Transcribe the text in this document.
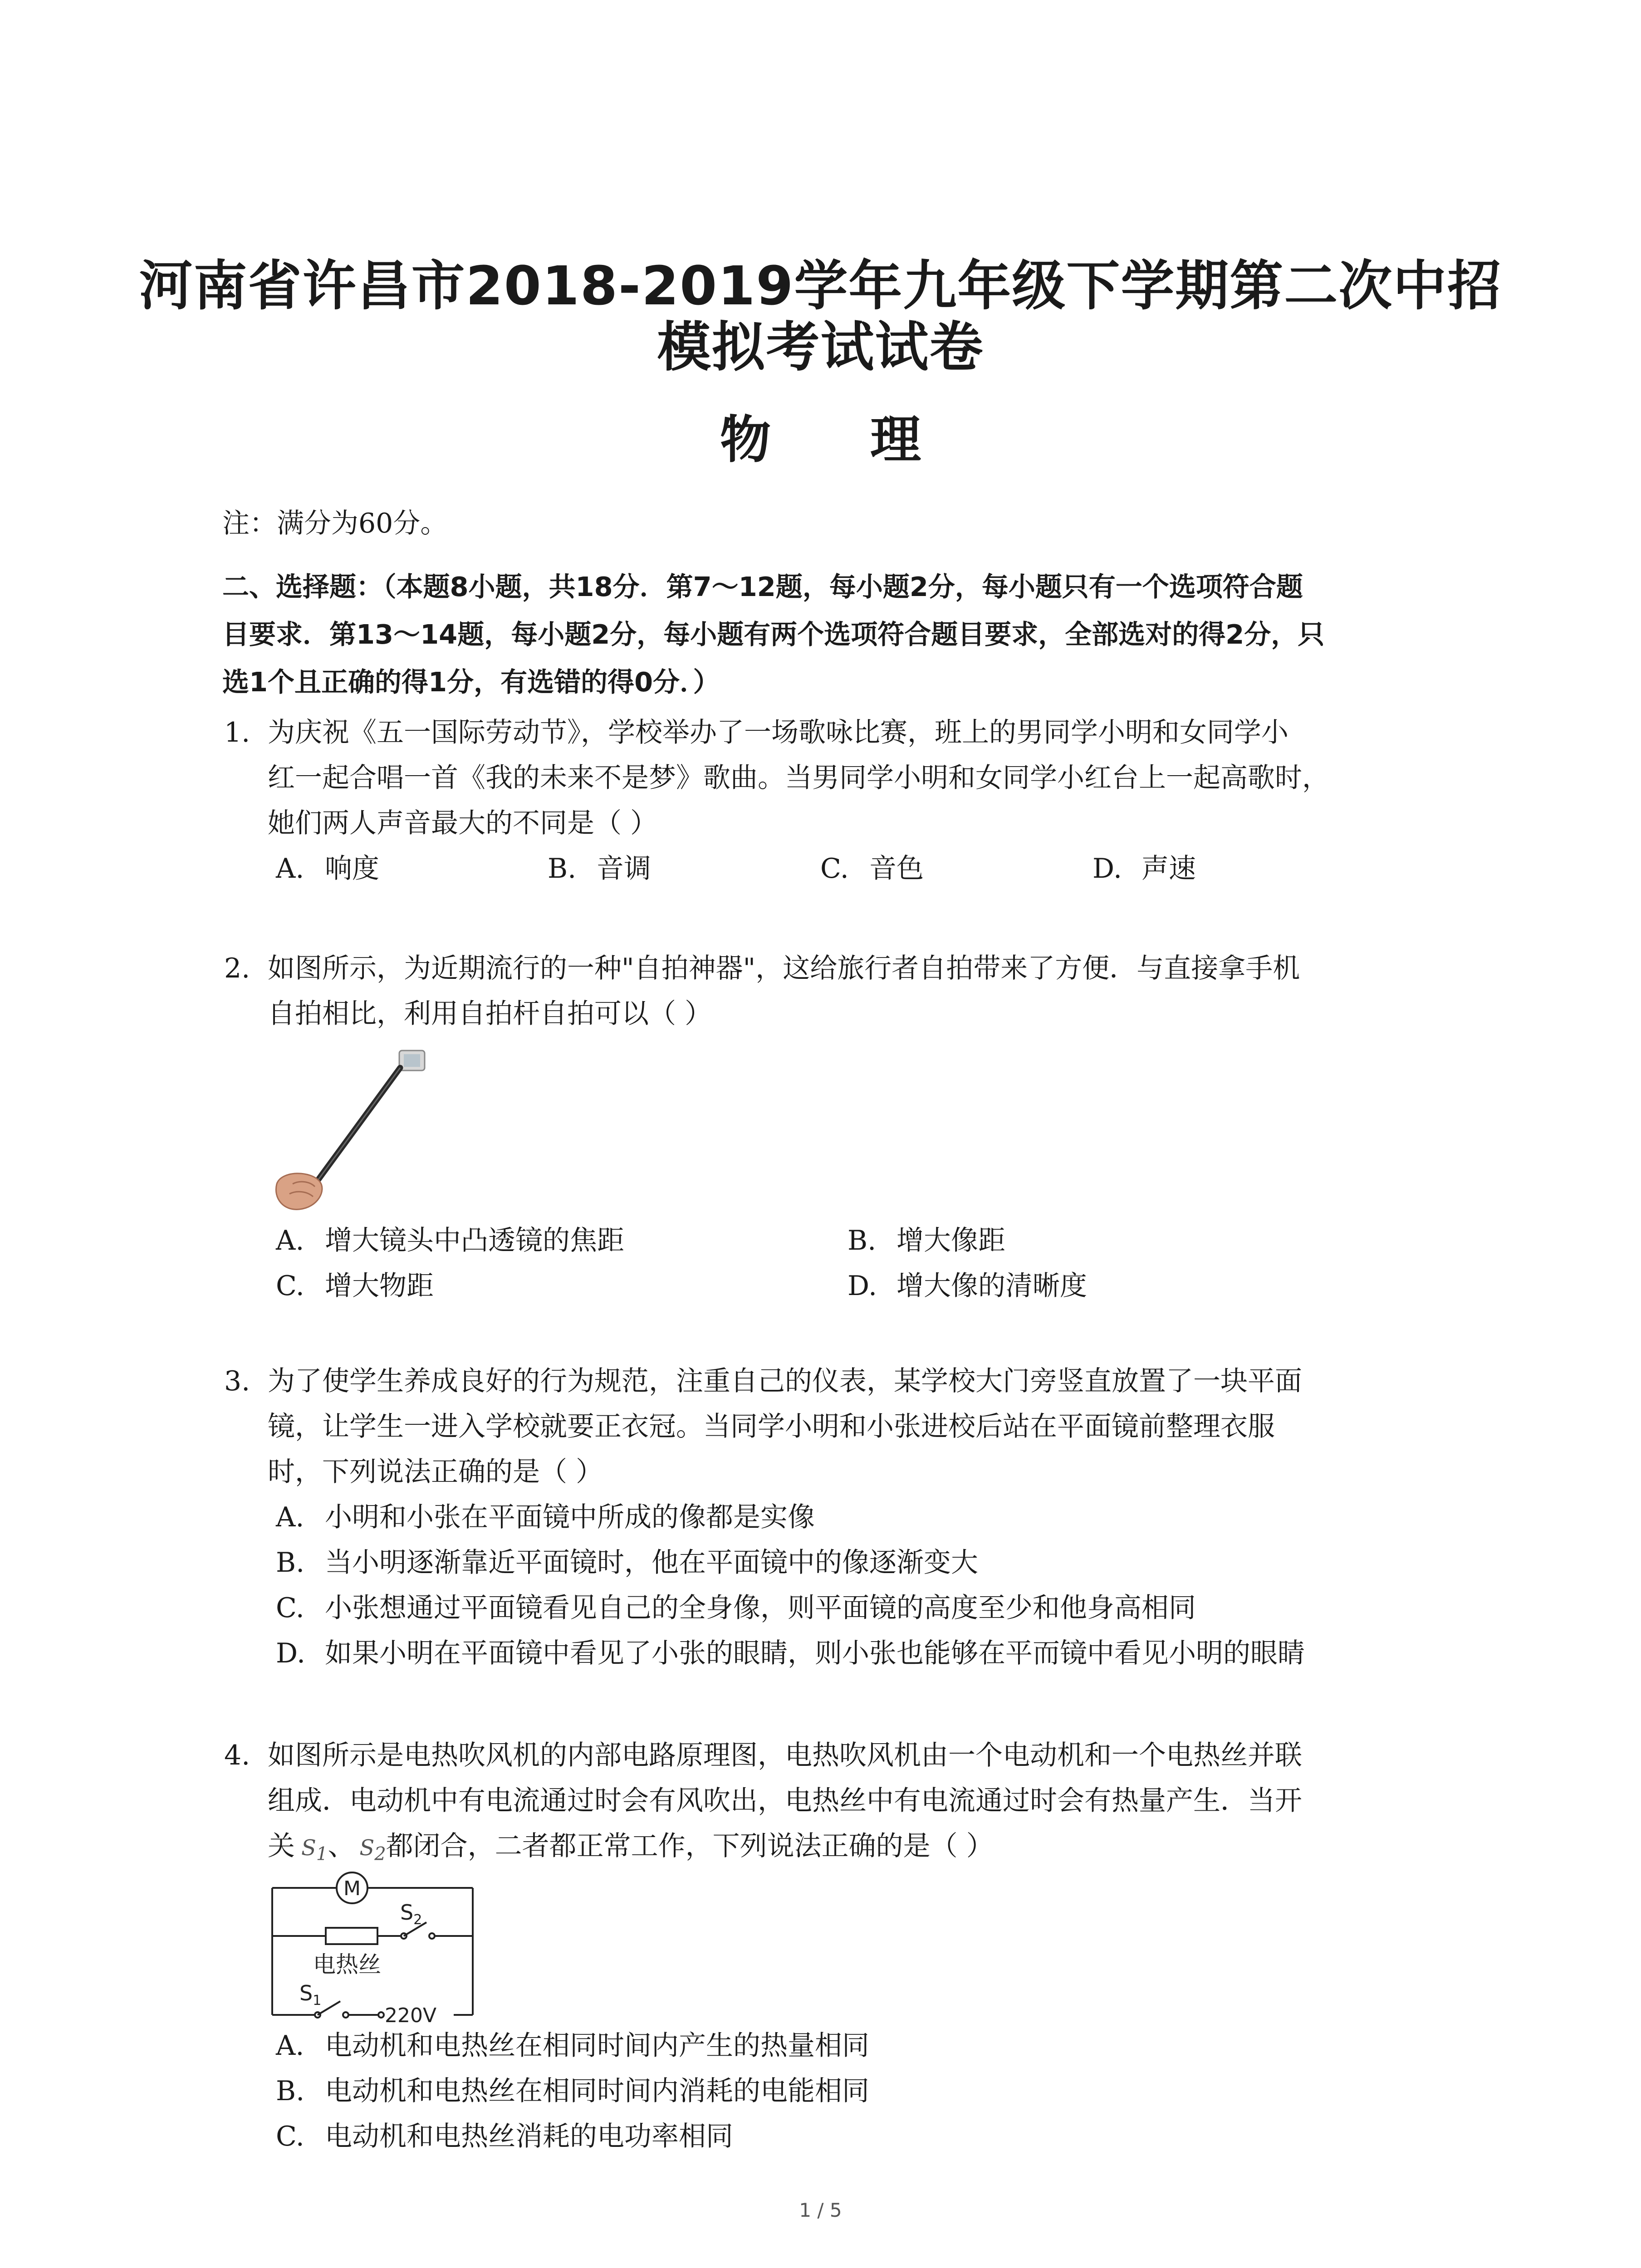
河南省许昌市2018-2019学年九年级下学期第二次中招
模拟考试试卷
物 理
注：满分为60分。
二、选择题：（本题8小题，共18分．第7～12题，每小题2分，每小题只有一个选项符合题
目要求．第13～14题，每小题2分，每小题有两个选项符合题目要求，全部选对的得2分，只
选1个且正确的得1分，有选错的得0分．）
1. 为庆祝《五一国际劳动节》，学校举办了一场歌咏比赛，班上的男同学小明和女同学小
红一起合唱一首《我的未来不是梦》歌曲。当男同学小明和女同学小红台上一起高歌时，
她们两人声音最大的不同是（ ）
A. 响度	B. 音调	C. 音色	D. 声速
2. 如图所示，为近期流行的一种"自拍神器"，这给旅行者自拍带来了方便．与直接拿手机
自拍相比，利用自拍杆自拍可以（ ）
A. 增大镜头中凸透镜的焦距	B. 增大像距
C. 增大物距	D. 增大像的清晰度
3. 为了使学生养成良好的行为规范，注重自己的仪表，某学校大门旁竖直放置了一块平面
镜，让学生一进入学校就要正衣冠。当同学小明和小张进校后站在平面镜前整理衣服
时，下列说法正确的是（ ）
A. 小明和小张在平面镜中所成的像都是实像
B. 当小明逐渐靠近平面镜时，他在平面镜中的像逐渐变大
C. 小张想通过平面镜看见自己的全身像，则平面镜的高度至少和他身高相同
D. 如果小明在平面镜中看见了小张的眼睛，则小张也能够在平而镜中看见小明的眼睛
4. 如图所示是电热吹风机的内部电路原理图，电热吹风机由一个电动机和一个电热丝并联
组成．电动机中有电流通过时会有风吹出，电热丝中有电流通过时会有热量产生．当开
关 $S_1$、 $S_2$都闭合，二者都正常工作，下列说法正确的是（ ）
M
电热丝
$S_2$
$S_1$
220V
A. 电动机和电热丝在相同时间内产生的热量相同
B. 电动机和电热丝在相同时间内消耗的电能相同
C. 电动机和电热丝消耗的电功率相同
1 / 5
